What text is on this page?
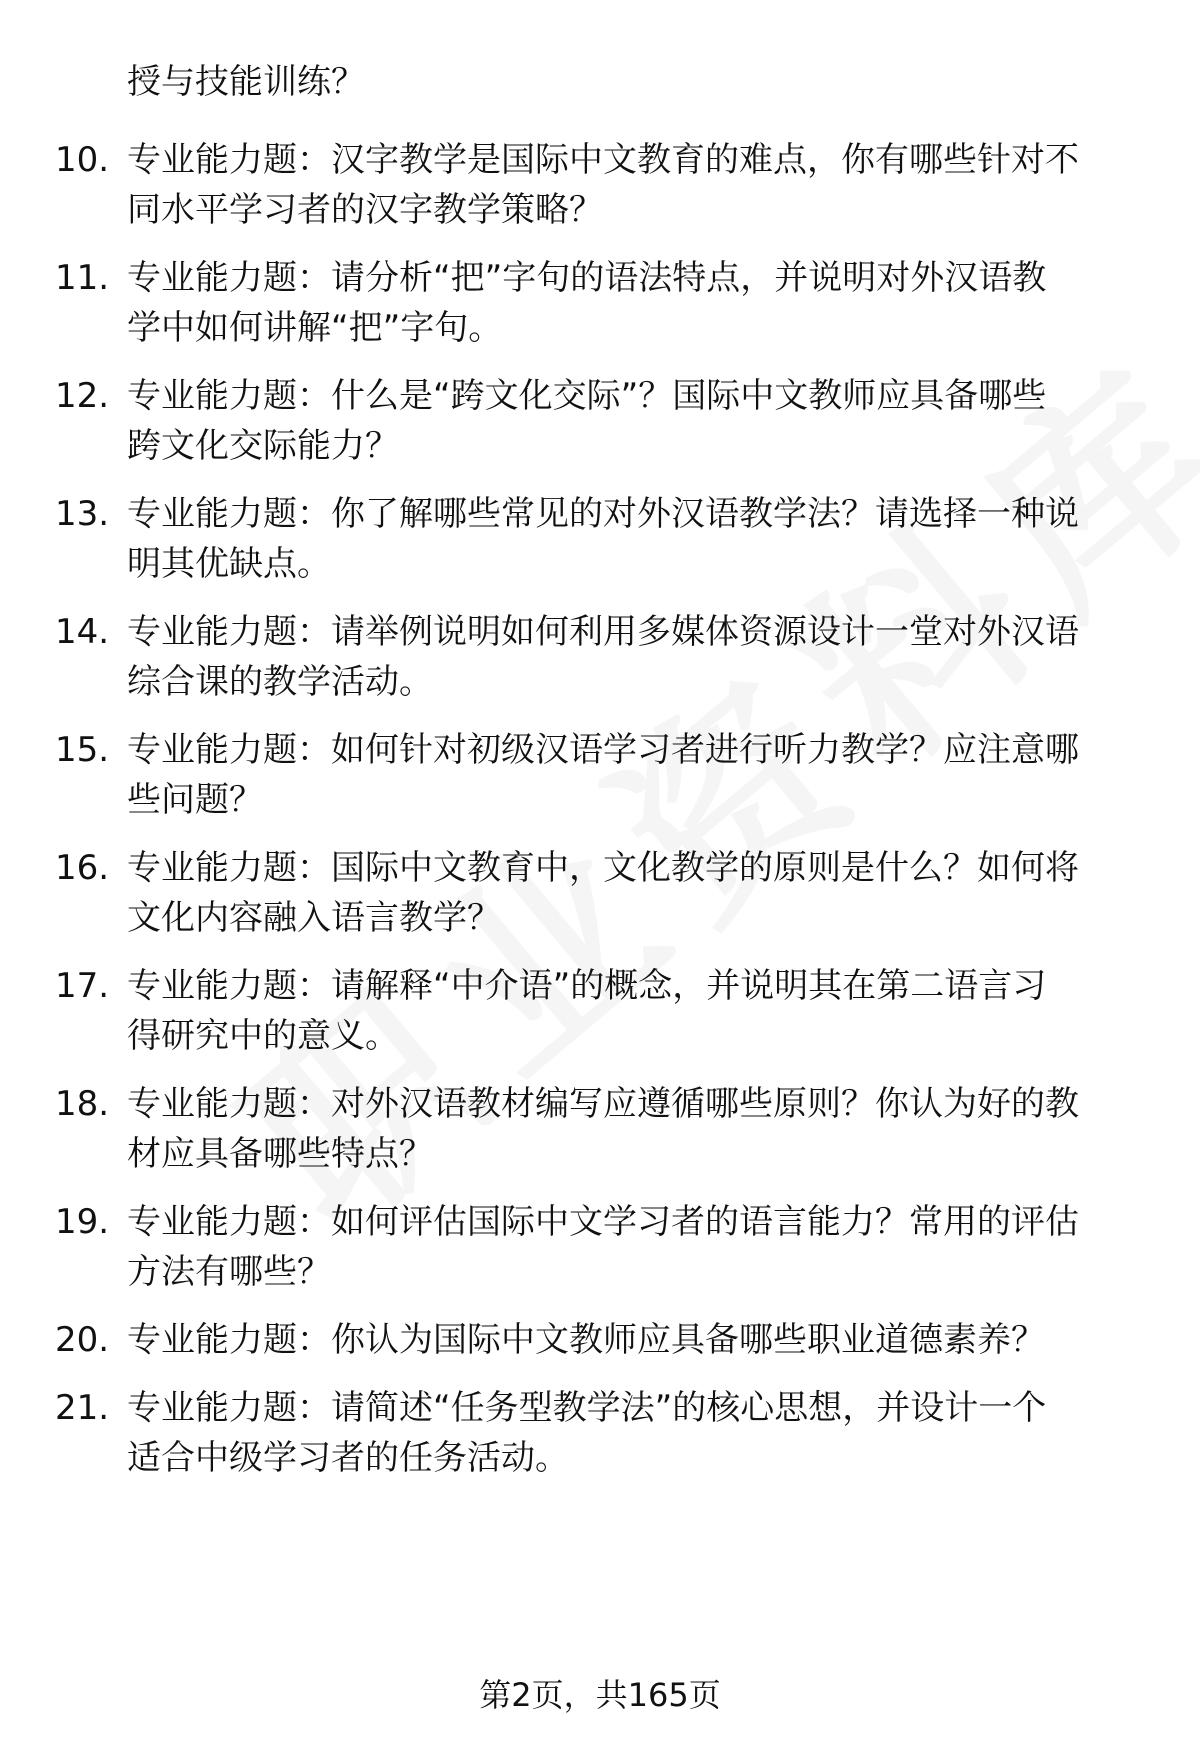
授与技能训练？
10. 专业能力题：汉字教学是国际中文教育的难点，你有哪些针对不
同水平学习者的汉字教学策略？
11. 专业能力题：请分析“把”字句的语法特点，并说明对外汉语教
学中如何讲解“把”字句。
12. 专业能力题：什么是“跨文化交际”？国际中文教师应具备哪些
跨文化交际能力？
13. 专业能力题：你了解哪些常见的对外汉语教学法？请选择一种说
明其优缺点。
14. 专业能力题：请举例说明如何利用多媒体资源设计一堂对外汉语
综合课的教学活动。
15. 专业能力题：如何针对初级汉语学习者进行听力教学？应注意哪
些问题？
16. 专业能力题：国际中文教育中，文化教学的原则是什么？如何将
文化内容融入语言教学？
17. 专业能力题：请解释“中介语”的概念，并说明其在第二语言习
得研究中的意义。
18. 专业能力题：对外汉语教材编写应遵循哪些原则？你认为好的教
材应具备哪些特点？
19. 专业能力题：如何评估国际中文学习者的语言能力？常用的评估
方法有哪些？
20. 专业能力题：你认为国际中文教师应具备哪些职业道德素养？
21. 专业能力题：请简述“任务型教学法”的核心思想，并设计一个
适合中级学习者的任务活动。
第2页，共165页
